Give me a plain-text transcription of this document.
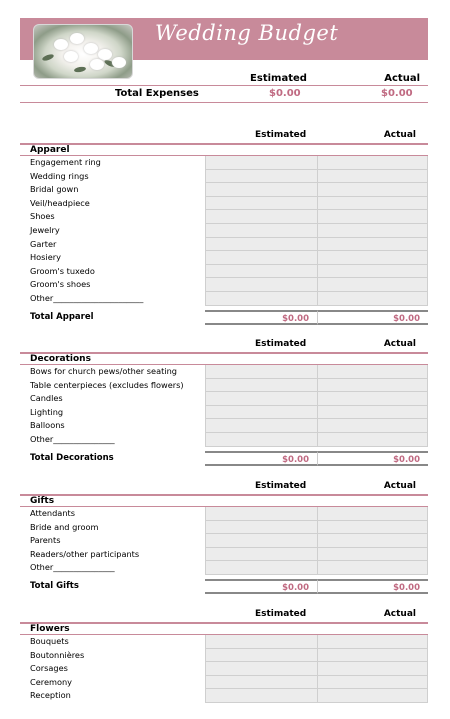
Wedding Budget
Estimated	Actual
Total Expenses	$0.00	$0.00
Estimated	Actual
Apparel
Engagement ring
Wedding rings
Bridal gown
Veil/headpiece
Shoes
Jewelry
Garter
Hosiery
Groom's tuxedo
Groom's shoes
Other______________________
Total Apparel	$0.00	$0.00
Estimated	Actual
Decorations
Bows for church pews/other seating
Table centerpieces (excludes flowers)
Candles
Lighting
Balloons
Other_______________
Total Decorations	$0.00	$0.00
Estimated	Actual
Gifts
Attendants
Bride and groom
Parents
Readers/other participants
Other_______________
Total Gifts	$0.00	$0.00
Estimated	Actual
Flowers
Bouquets
Boutonnières
Corsages
Ceremony
Reception
